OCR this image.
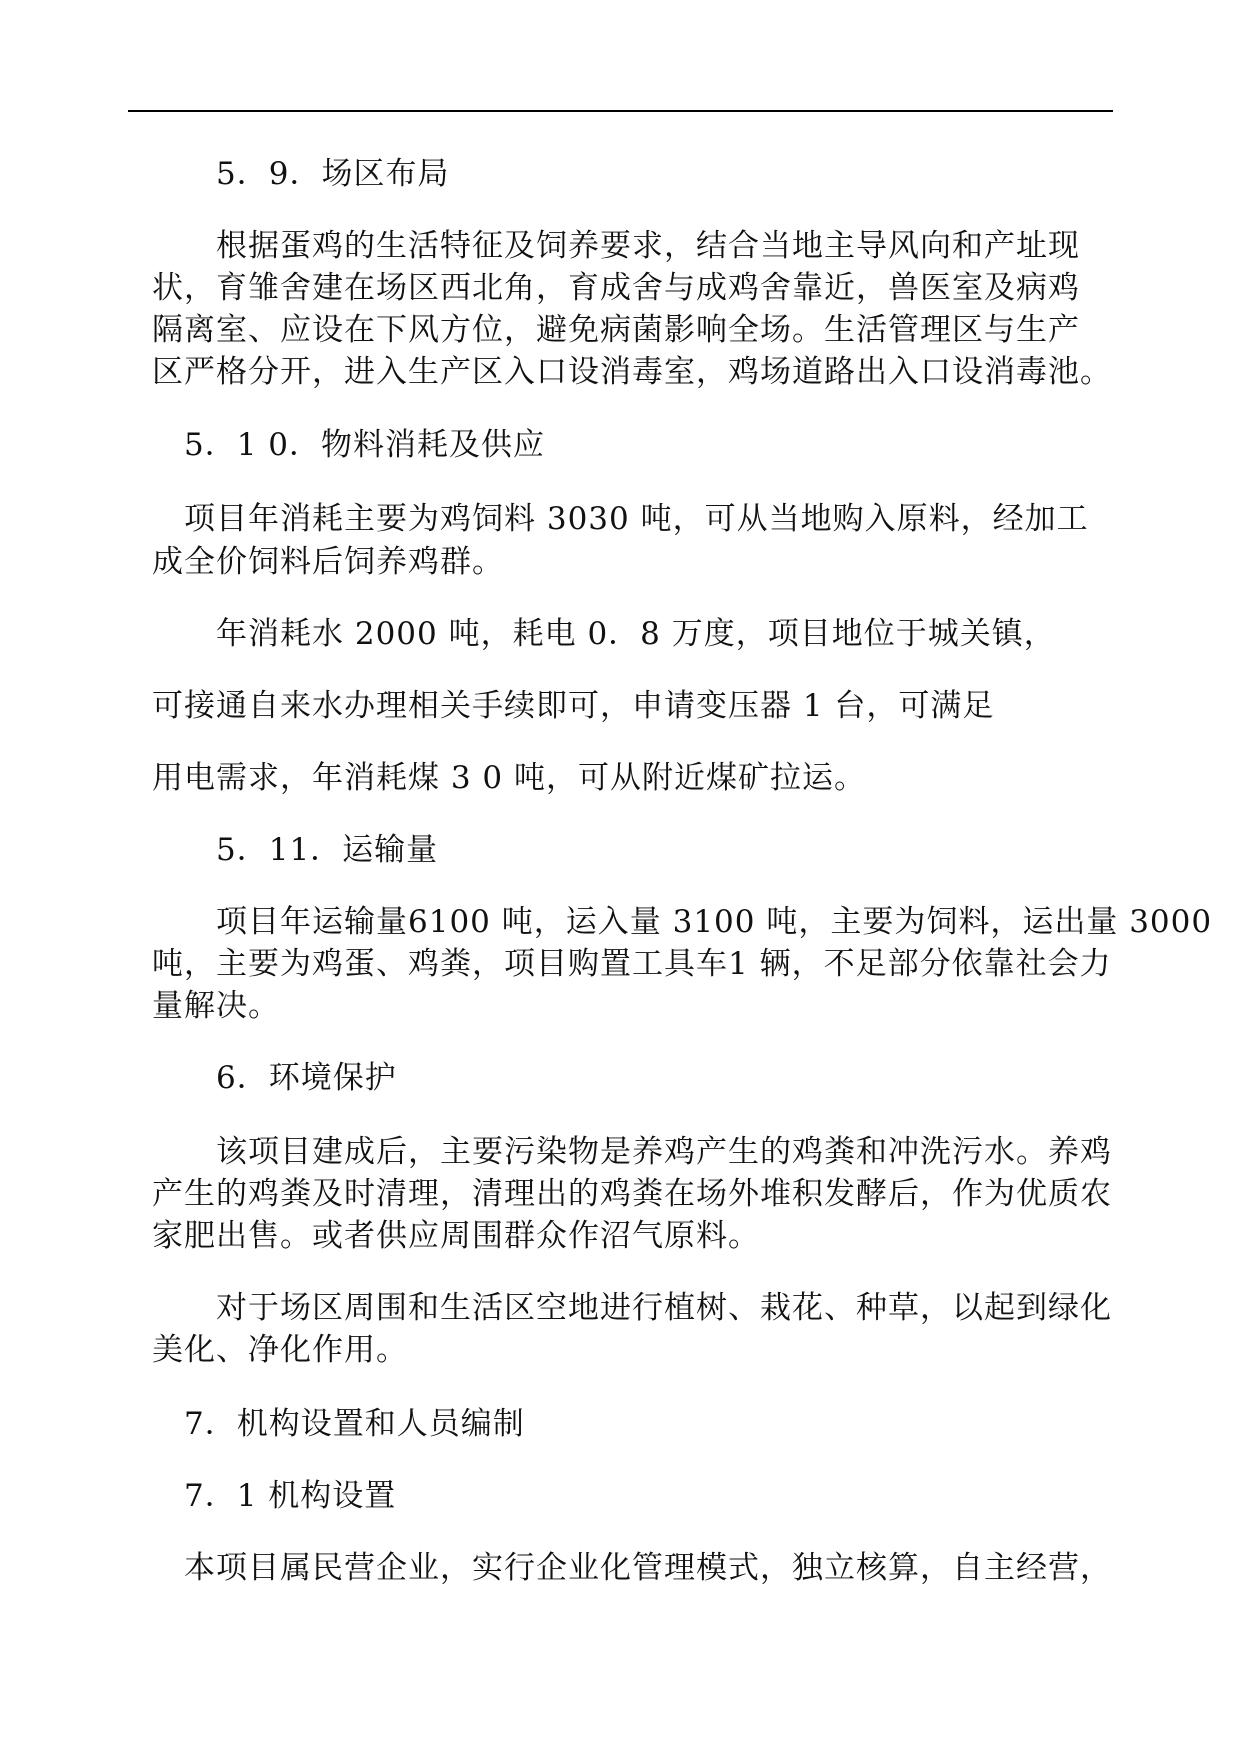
5．9．场区布局
根据蛋鸡的生活特征及饲养要求，结合当地主导风向和产址现
状，育雏舍建在场区西北角，育成舍与成鸡舍靠近，兽医室及病鸡
隔离室、应设在下风方位，避免病菌影响全场。生活管理区与生产
区严格分开，进入生产区入口设消毒室，鸡场道路出入口设消毒池。
5．1 0．物料消耗及供应
项目年消耗主要为鸡饲料 3030 吨，可从当地购入原料，经加工
成全价饲料后饲养鸡群。
年消耗水 2000 吨，耗电 0．8 万度，项目地位于城关镇，
可接通自来水办理相关手续即可，申请变压器 1 台，可满足
用电需求，年消耗煤 3 0 吨，可从附近煤矿拉运。
5．11．运输量
项目年运输量6100 吨，运入量 3100 吨，主要为饲料，运出量 3000
吨，主要为鸡蛋、鸡粪，项目购置工具车1 辆，不足部分依靠社会力
量解决。
6．环境保护
该项目建成后，主要污染物是养鸡产生的鸡粪和冲洗污水。养鸡
产生的鸡粪及时清理，清理出的鸡粪在场外堆积发酵后，作为优质农
家肥出售。或者供应周围群众作沼气原料。
对于场区周围和生活区空地进行植树、栽花、种草，以起到绿化
美化、净化作用。
7．机构设置和人员编制
7．1 机构设置
本项目属民营企业，实行企业化管理模式，独立核算，自主经营，
